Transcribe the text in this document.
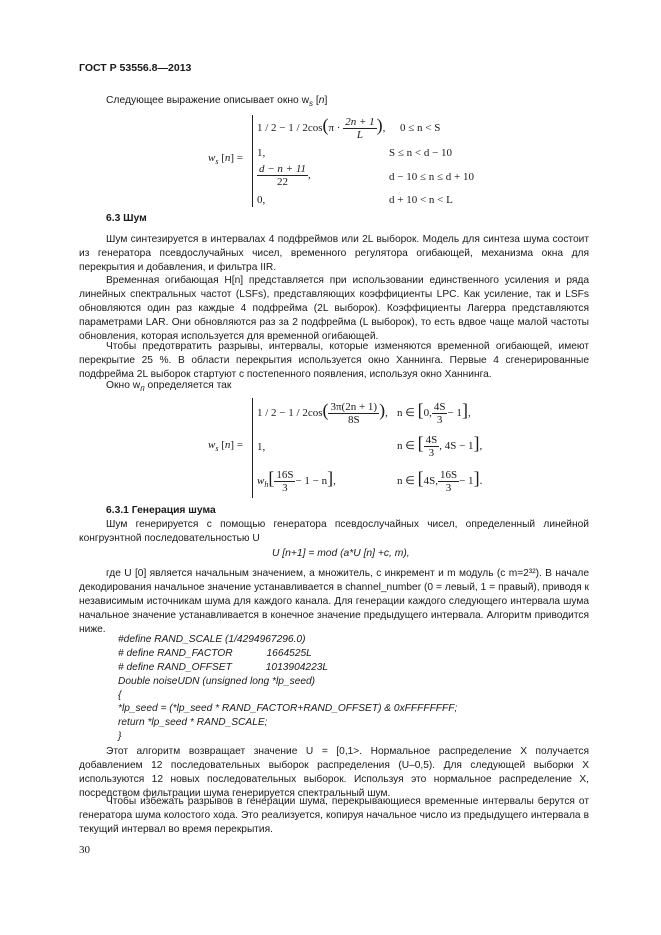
ГОСТ Р 53556.8—2013
Следующее выражение описывает окно $w_s$ [n]
$w_s$ [n] =
$1 / 2 - 1 / 2\cos(\pi \cdot \frac{2n + 1}{L}$ ), 0 ≤ n < S
1,	S ≤ n < d − 10
$\frac{d - n + 11}{22}$ ,	d − 10 ≤ n ≤ d + 10
0,	d + 10 < n < L
6.3 Шум

Шум синтезируется в интервалах 4 подфреймов или 2L выборок. Модель для синтеза шума состоит из генератора псевдослучайных чисел, временного регулятора огибающей, механизма окна для перекрытия и добавления, и фильтра IIR.

Временная огибающая H[n] представляется при использовании единственного усиления и ряда линейных спектральных частот (LSFs), представляющих коэффициенты LPC. Как усиление, так и LSFs обновляются один раз каждые 4 подфрейма (2L выборок). Коэффициенты Лагерра представляются параметрами LAR. Они обновляются раз за 2 подфрейма (L выборок), то есть вдвое чаще малой частоты обновления, которая используется для временной огибающей.

Чтобы предотвратить разрывы, интервалы, которые изменяются временной огибающей, имеют перекрытие 25 %. В области перекрытия используется окно Ханнинга. Первые 4 сгенерированные подфрейма 2L выборок стартуют с постепенного появления, используя окно Ханнинга.

Окно $w_п$ определяется так
$w_s$ [n] =
$1 / 2 - 1 / 2\cos( \frac{3\pi(2n + 1)}{8S}$ ), n ∈ [0, $\frac{4S}{3} - 1$],
1,	n ∈ [ $\frac{4S}{3}$ , 4S − 1],
$w_h[ \frac{16S}{3} - 1 - n]$,	n ∈ [4S, $\frac{16S}{3} - 1$].
6.3.1 Генерация шума

Шум генерируется с помощью генератора псевдослучайных чисел, определенный линейной конгруэнтной последовательностью U

U [n+1] = mod (a*U [n] +c, m),

где U [0] является начальным значением, a множитель, c инкремент и m модуль (c m=2³²). В начале декодирования начальное значение устанавливается в channel_number (0 = левый, 1 = правый), приводя к независимым источникам шума для каждого канала. Для генерации каждого следующего интервала шума начальное значение устанавливается в конечное значение предыдущего интервала. Алгоритм приводится ниже.

#define RAND_SCALE (1/4294967296.0)
# define RAND_FACTOR            1664525L
# define RAND_OFFSET            1013904223L
Double noiseUDN (unsigned long *lp_seed)
{
*lp_seed = (*lp_seed * RAND_FACTOR+RAND_OFFSET) & 0xFFFFFFFF;
return *lp_seed * RAND_SCALE;
}

Этот алгоритм возвращает значение U = [0,1>. Нормальное распределение X получается добавлением 12 последовательных выборок распределения (U–0,5). Для следующей выборки X используются 12 новых последовательных выборок. Используя это нормальное распределение X, посредством фильтрации шума генерируется спектральный шум.

Чтобы избежать разрывов в генерации шума, перекрывающиеся временные интервалы берутся от генератора шума колостого хода. Это реализуется, копируя начальное число из предыдущего интервала в текущий интервал во время перекрытия.

30
